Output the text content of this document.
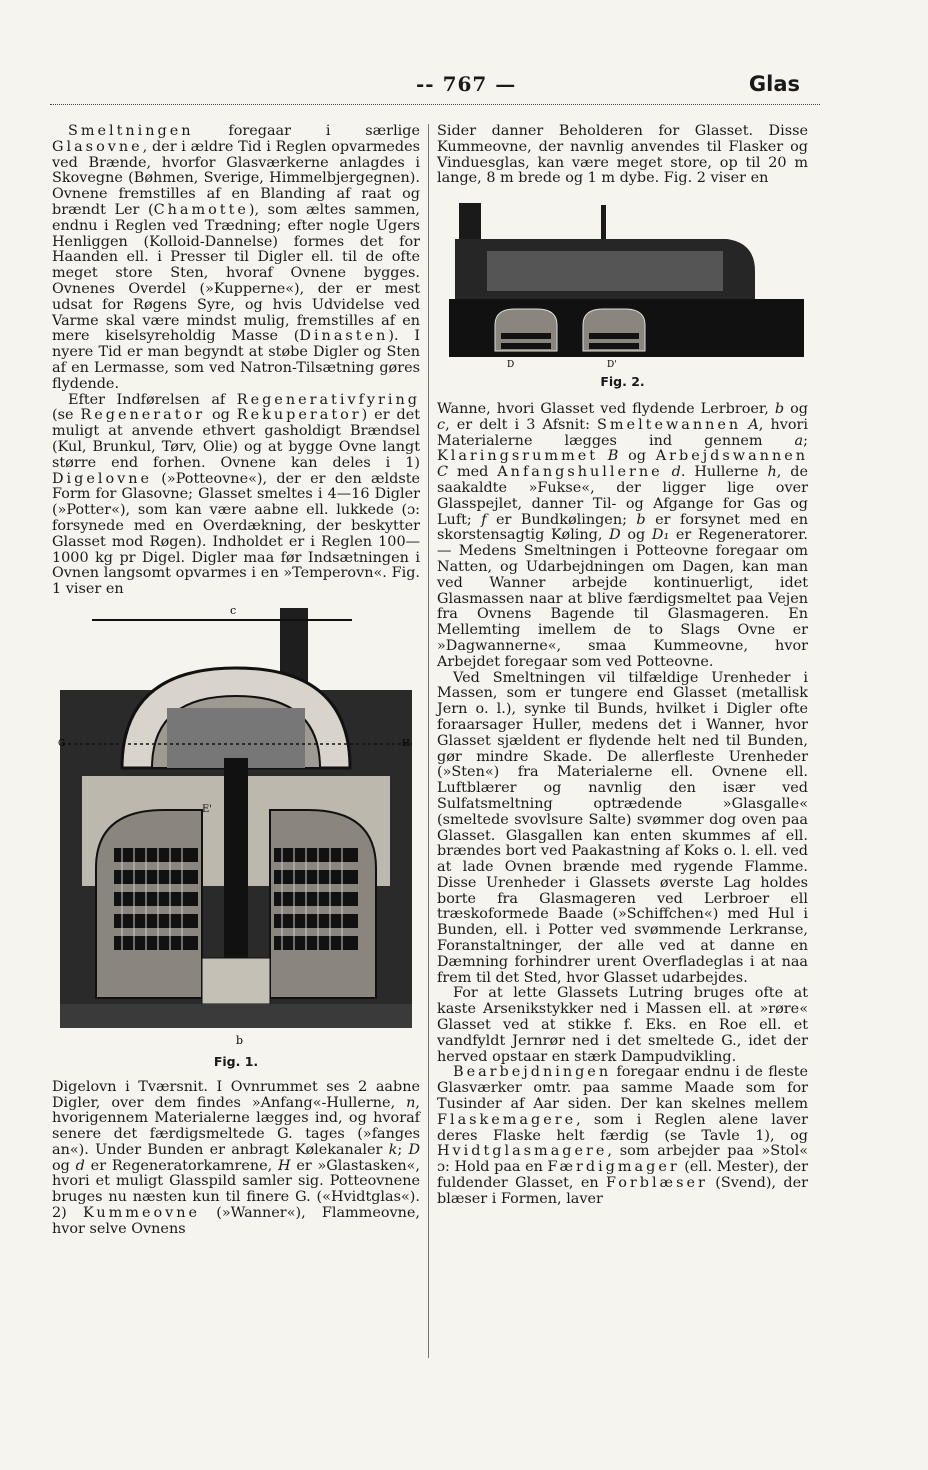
-- 767 —	Glas

Smeltningen foregaar i særlige Glasovne, der i ældre Tid i Reglen opvarmedes ved Brænde, hvorfor Glasværkerne anlagdes i Skovegne (Bøhmen, Sverige, Himmelbjergegnen). Ovnene fremstilles af en Blanding af raat og brændt Ler (Chamotte), som æltes sammen, endnu i Reglen ved Trædning; efter nogle Ugers Henliggen (Kolloid-Dannelse) formes det for Haanden ell. i Presser til Digler ell. til de ofte meget store Sten, hvoraf Ovnene bygges. Ovnenes Overdel (»Kupperne«), der er mest udsat for Røgens Syre, og hvis Udvidelse ved Varme skal være mindst mulig, fremstilles af en mere kiselsyreholdig Masse (Dinasten). I nyere Tid er man begyndt at støbe Digler og Sten af en Lermasse, som ved Natron-Tilsætning gøres flydende.

Efter Indførelsen af Regenerativfyring (se Regenerator og Rekuperator) er det muligt at anvende ethvert gasholdigt Brændsel (Kul, Brunkul, Tørv, Olie) og at bygge Ovne langt større end forhen. Ovnene kan deles i 1) Digelovne (»Potteovne«), der er den ældste Form for Glasovne; Glasset smeltes i 4—16 Digler (»Potter«), som kan være aabne ell. lukkede (ɔ: forsynede med en Overdækning, der beskytter Glasset mod Røgen). Indholdet er i Reglen 100—1000 kg pr Digel. Digler maa før Indsætningen i Ovnen langsomt opvarmes i en »Temperovn«. Fig. 1 viser en

c
G	H
E'
b
Fig. 1.

Digelovn i Tværsnit. I Ovnrummet ses 2 aabne Digler, over dem findes »Anfang«-Hullerne, n, hvorigennem Materialerne lægges ind, og hvoraf senere det færdigsmeltede G. tages (»fanges an«). Under Bunden er anbragt Kølekanaler k; D og d er Regeneratorkamrene, H er »Glastasken«, hvori et muligt Glasspild samler sig. Potteovnene bruges nu næsten kun til finere G. («Hvidtglas«). 2) Kummeovne (»Wanner«), Flammeovne, hvor selve Ovnens

Sider danner Beholderen for Glasset. Disse Kummeovne, der navnlig anvendes til Flasker og Vinduesglas, kan være meget store, op til 20 m lange, 8 m brede og 1 m dybe. Fig. 2 viser en

D	D'
Fig. 2.

Wanne, hvori Glasset ved flydende Lerbroer, b og c, er delt i 3 Afsnit: Smeltewannen A, hvori Materialerne lægges ind gennem a; Klaringsrummet B og Arbejdswannen C med Anfangshullerne d. Hullerne h, de saakaldte »Fukse«, der ligger lige over Glasspejlet, danner Til- og Afgange for Gas og Luft; f er Bundkølingen; b er forsynet med en skorstensagtig Køling, D og D₁ er Regeneratorer. — Medens Smeltningen i Potteovne foregaar om Natten, og Udarbejdningen om Dagen, kan man ved Wanner arbejde kontinuerligt, idet Glasmassen naar at blive færdigsmeltet paa Vejen fra Ovnens Bagende til Glasmageren. En Mellemting imellem de to Slags Ovne er »Dagwannerne«, smaa Kummeovne, hvor Arbejdet foregaar som ved Potteovne.

Ved Smeltningen vil tilfældige Urenheder i Massen, som er tungere end Glasset (metallisk Jern o. l.), synke til Bunds, hvilket i Digler ofte foraarsager Huller, medens det i Wanner, hvor Glasset sjældent er flydende helt ned til Bunden, gør mindre Skade. De allerfleste Urenheder (»Sten«) fra Materialerne ell. Ovnene ell. Luftblærer og navnlig den især ved Sulfatsmeltning optrædende »Glasgalle« (smeltede svovlsure Salte) svømmer dog oven paa Glasset. Glasgallen kan enten skummes af ell. brændes bort ved Paakastning af Koks o. l. ell. ved at lade Ovnen brænde med rygende Flamme. Disse Urenheder i Glassets øverste Lag holdes borte fra Glasmageren ved Lerbroer ell træskoformede Baade (»Schiffchen«) med Hul i Bunden, ell. i Potter ved svømmende Lerkranse, Foranstaltninger, der alle ved at danne en Dæmning forhindrer urent Overfladeglas i at naa frem til det Sted, hvor Glasset udarbejdes.

For at lette Glassets Lutring bruges ofte at kaste Arsenikstykker ned i Massen ell. at »røre« Glasset ved at stikke f. Eks. en Roe ell. et vandfyldt Jernrør ned i det smeltede G., idet der herved opstaar en stærk Dampudvikling.

Bearbejdningen foregaar endnu i de fleste Glasværker omtr. paa samme Maade som for Tusinder af Aar siden. Der kan skelnes mellem Flaskemagere, som i Reglen alene laver deres Flaske helt færdig (se Tavle 1), og Hvidtglasmagere, som arbejder paa »Stol« ɔ: Hold paa en Færdigmager (ell. Mester), der fuldender Glasset, en Forblæser (Svend), der blæser i Formen, laver
